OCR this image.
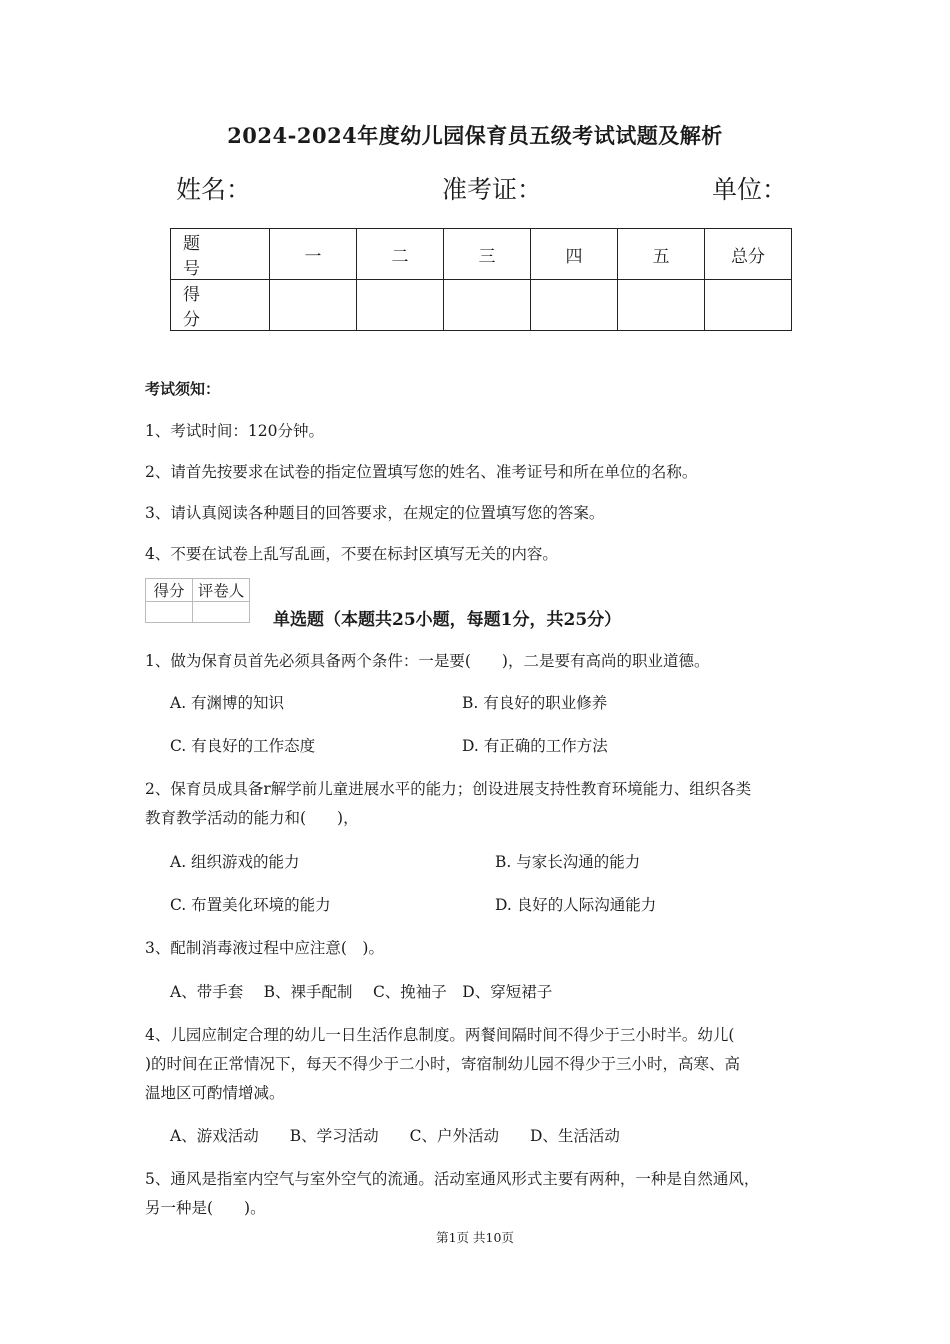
2024-2024年度幼儿园保育员五级考试试题及解析
姓名：	准考证：	单位：
题　号	一	二	三	四	五	总分
得　分						
考试须知：
1、考试时间：120分钟。
2、请首先按要求在试卷的指定位置填写您的姓名、准考证号和所在单位的名称。
3、请认真阅读各种题目的回答要求，在规定的位置填写您的答案。
4、不要在试卷上乱写乱画，不要在标封区填写无关的内容。
得分	评卷人

单选题（本题共25小题，每题1分，共25分）
1、做为保育员首先必须具备两个条件：一是要(　　)，二是要有高尚的职业道德。
A. 有渊博的知识	B. 有良好的职业修养
C. 有良好的工作态度	D. 有正确的工作方法
2、保育员成具备r解学前儿童进展水平的能力；创设进展支持性教育环境能力、组织各类
教育教学活动的能力和(　　)，
A. 组织游戏的能力	B. 与家长沟通的能力
C. 布置美化环境的能力	D. 良好的人际沟通能力
3、配制消毒液过程中应注意(　)。
A、带手套　 B、裸手配制　 C、挽袖子　D、穿短裙子
4、儿园应制定合理的幼儿一日生活作息制度。两餐间隔时间不得少于三小时半。幼儿(
)的时间在正常情况下，每天不得少于二小时，寄宿制幼儿园不得少于三小时，高寒、高
温地区可酌情增减。
A、游戏活动　　B、学习活动　　C、户外活动　　D、生活活动
5、通风是指室内空气与室外空气的流通。活动室通风形式主要有两种，一种是自然通风，
另一种是(　　)。
第1页 共10页
